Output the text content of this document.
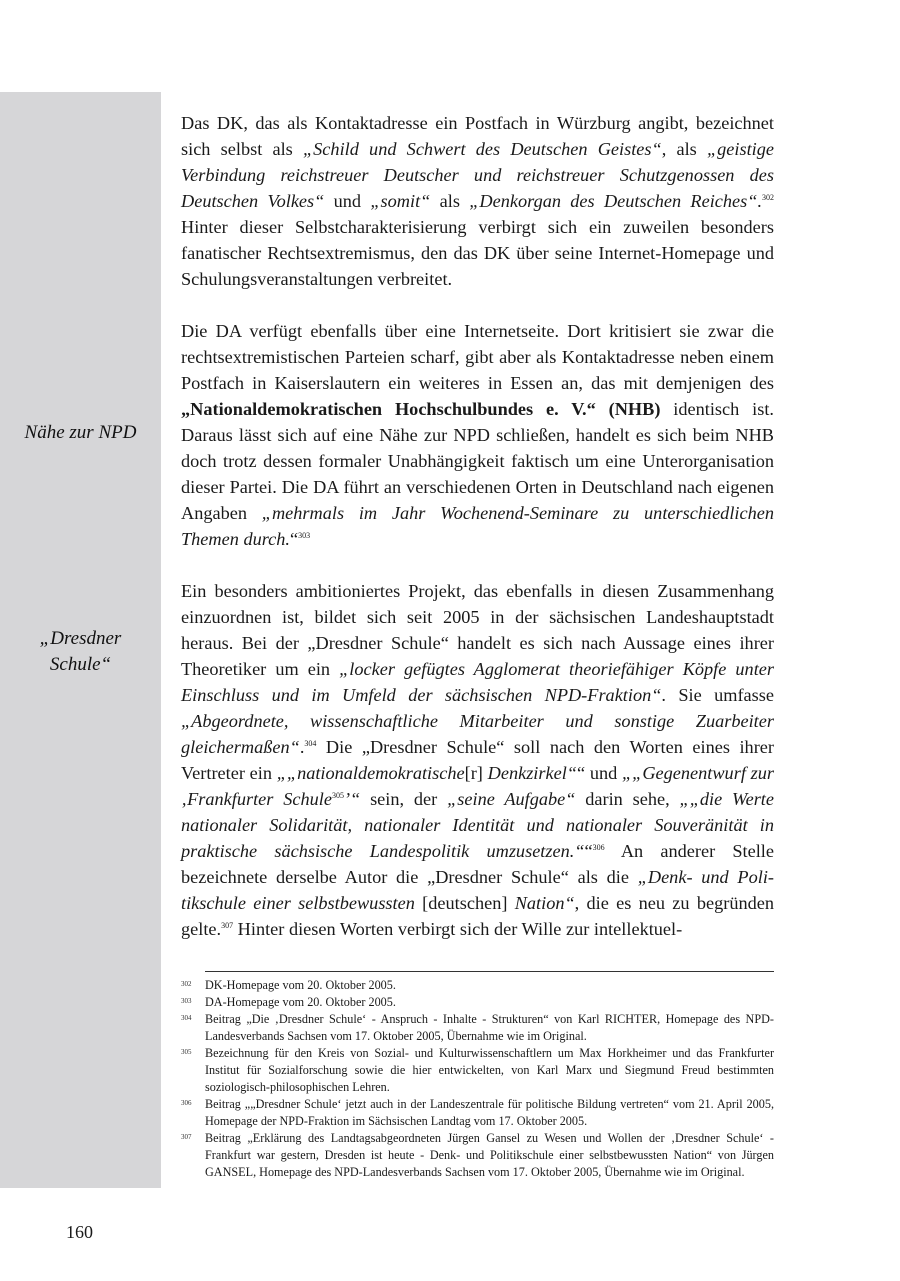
Nähe zur NPD
„Dresdner
Schule“

Das DK, das als Kontaktadresse ein Postfach in Würzburg angibt, bezeichnet sich selbst als „Schild und Schwert des Deutschen Geistes“, als „geistige Verbindung reichstreuer Deutscher und reichstreuer Schutzgenossen des Deutschen Volkes“ und „somit“ als „Denkorgan des Deutschen Reiches“.$^{302}$ Hinter dieser Selbstcharakterisierung verbirgt sich ein zuweilen besonders fanatischer Rechtsextremismus, den das DK über seine Internet-Homepage und Schulungsveranstaltungen verbreitet.

Die DA verfügt ebenfalls über eine Internetseite. Dort kritisiert sie zwar die rechtsextremistischen Parteien scharf, gibt aber als Kontaktadresse neben einem Postfach in Kaiserslautern ein weiteres in Essen an, das mit demjenigen des „Nationaldemokratischen Hochschulbundes e. V.“ (NHB) identisch ist. Daraus lässt sich auf eine Nähe zur NPD schließen, handelt es sich beim NHB doch trotz dessen formaler Unabhängigkeit faktisch um eine Unterorganisation dieser Partei. Die DA führt an verschiedenen Orten in Deutschland nach eigenen Angaben „mehrmals im Jahr Wochenend-Seminare zu unterschiedlichen Themen durch.“$^{303}$

Ein besonders ambitioniertes Projekt, das ebenfalls in diesen Zusammenhang einzuordnen ist, bildet sich seit 2005 in der sächsischen Landeshauptstadt heraus. Bei der „Dresdner Schule“ handelt es sich nach Aussage eines ihrer Theoretiker um ein „locker gefügtes Agglomerat theoriefähiger Köpfe unter Einschluss und im Umfeld der sächsischen NPD-Fraktion“. Sie umfasse „Abgeordnete, wissenschaftliche Mitarbeiter und sonstige Zuarbeiter gleichermaßen“.$^{304}$ Die „Dresdner Schule“ soll nach den Worten eines ihrer Vertreter ein „„nationaldemokratische[r] Denkzirkel““ und „„Gegenentwurf zur ‚Frankfurter Schule$^{305}$’“ sein, der „seine Aufgabe“ darin sehe, „„die Werte nationaler Solidarität, nationaler Identität und nationaler Souveränität in praktische sächsische Landespolitik umzusetzen.““$^{306}$ An anderer Stelle bezeichnete derselbe Autor die „Dresdner Schule“ als die „Denk- und Politikschule einer selbstbewussten [deutschen] Nation“, die es neu zu begründen gelte.$^{307}$ Hinter diesen Worten verbirgt sich der Wille zur intellektuel-

302	DK-Homepage vom 20. Oktober 2005.
303	DA-Homepage vom 20. Oktober 2005.
304	Beitrag „Die ‚Dresdner Schule‘ - Anspruch - Inhalte - Strukturen“ von Karl RICHTER, Homepage des NPD-Landesverbands Sachsen vom 17. Oktober 2005, Übernahme wie im Original.
305	Bezeichnung für den Kreis von Sozial- und Kulturwissenschaftlern um Max Horkheimer und das Frankfurter Institut für Sozialforschung sowie die hier entwickelten, von Karl Marx und Siegmund Freud bestimmten soziologisch-philosophischen Lehren.
306	Beitrag „„Dresdner Schule‘ jetzt auch in der Landeszentrale für politische Bildung vertreten“ vom 21. April 2005, Homepage der NPD-Fraktion im Sächsischen Landtag vom 17. Oktober 2005.
307	Beitrag „Erklärung des Landtagsabgeordneten Jürgen Gansel zu Wesen und Wollen der ‚Dresdner Schule‘ - Frankfurt war gestern, Dresden ist heute - Denk- und Politikschule einer selbstbewussten Nation“ von Jürgen GANSEL, Homepage des NPD-Landesverbands Sachsen vom 17. Oktober 2005, Übernahme wie im Original.
160
